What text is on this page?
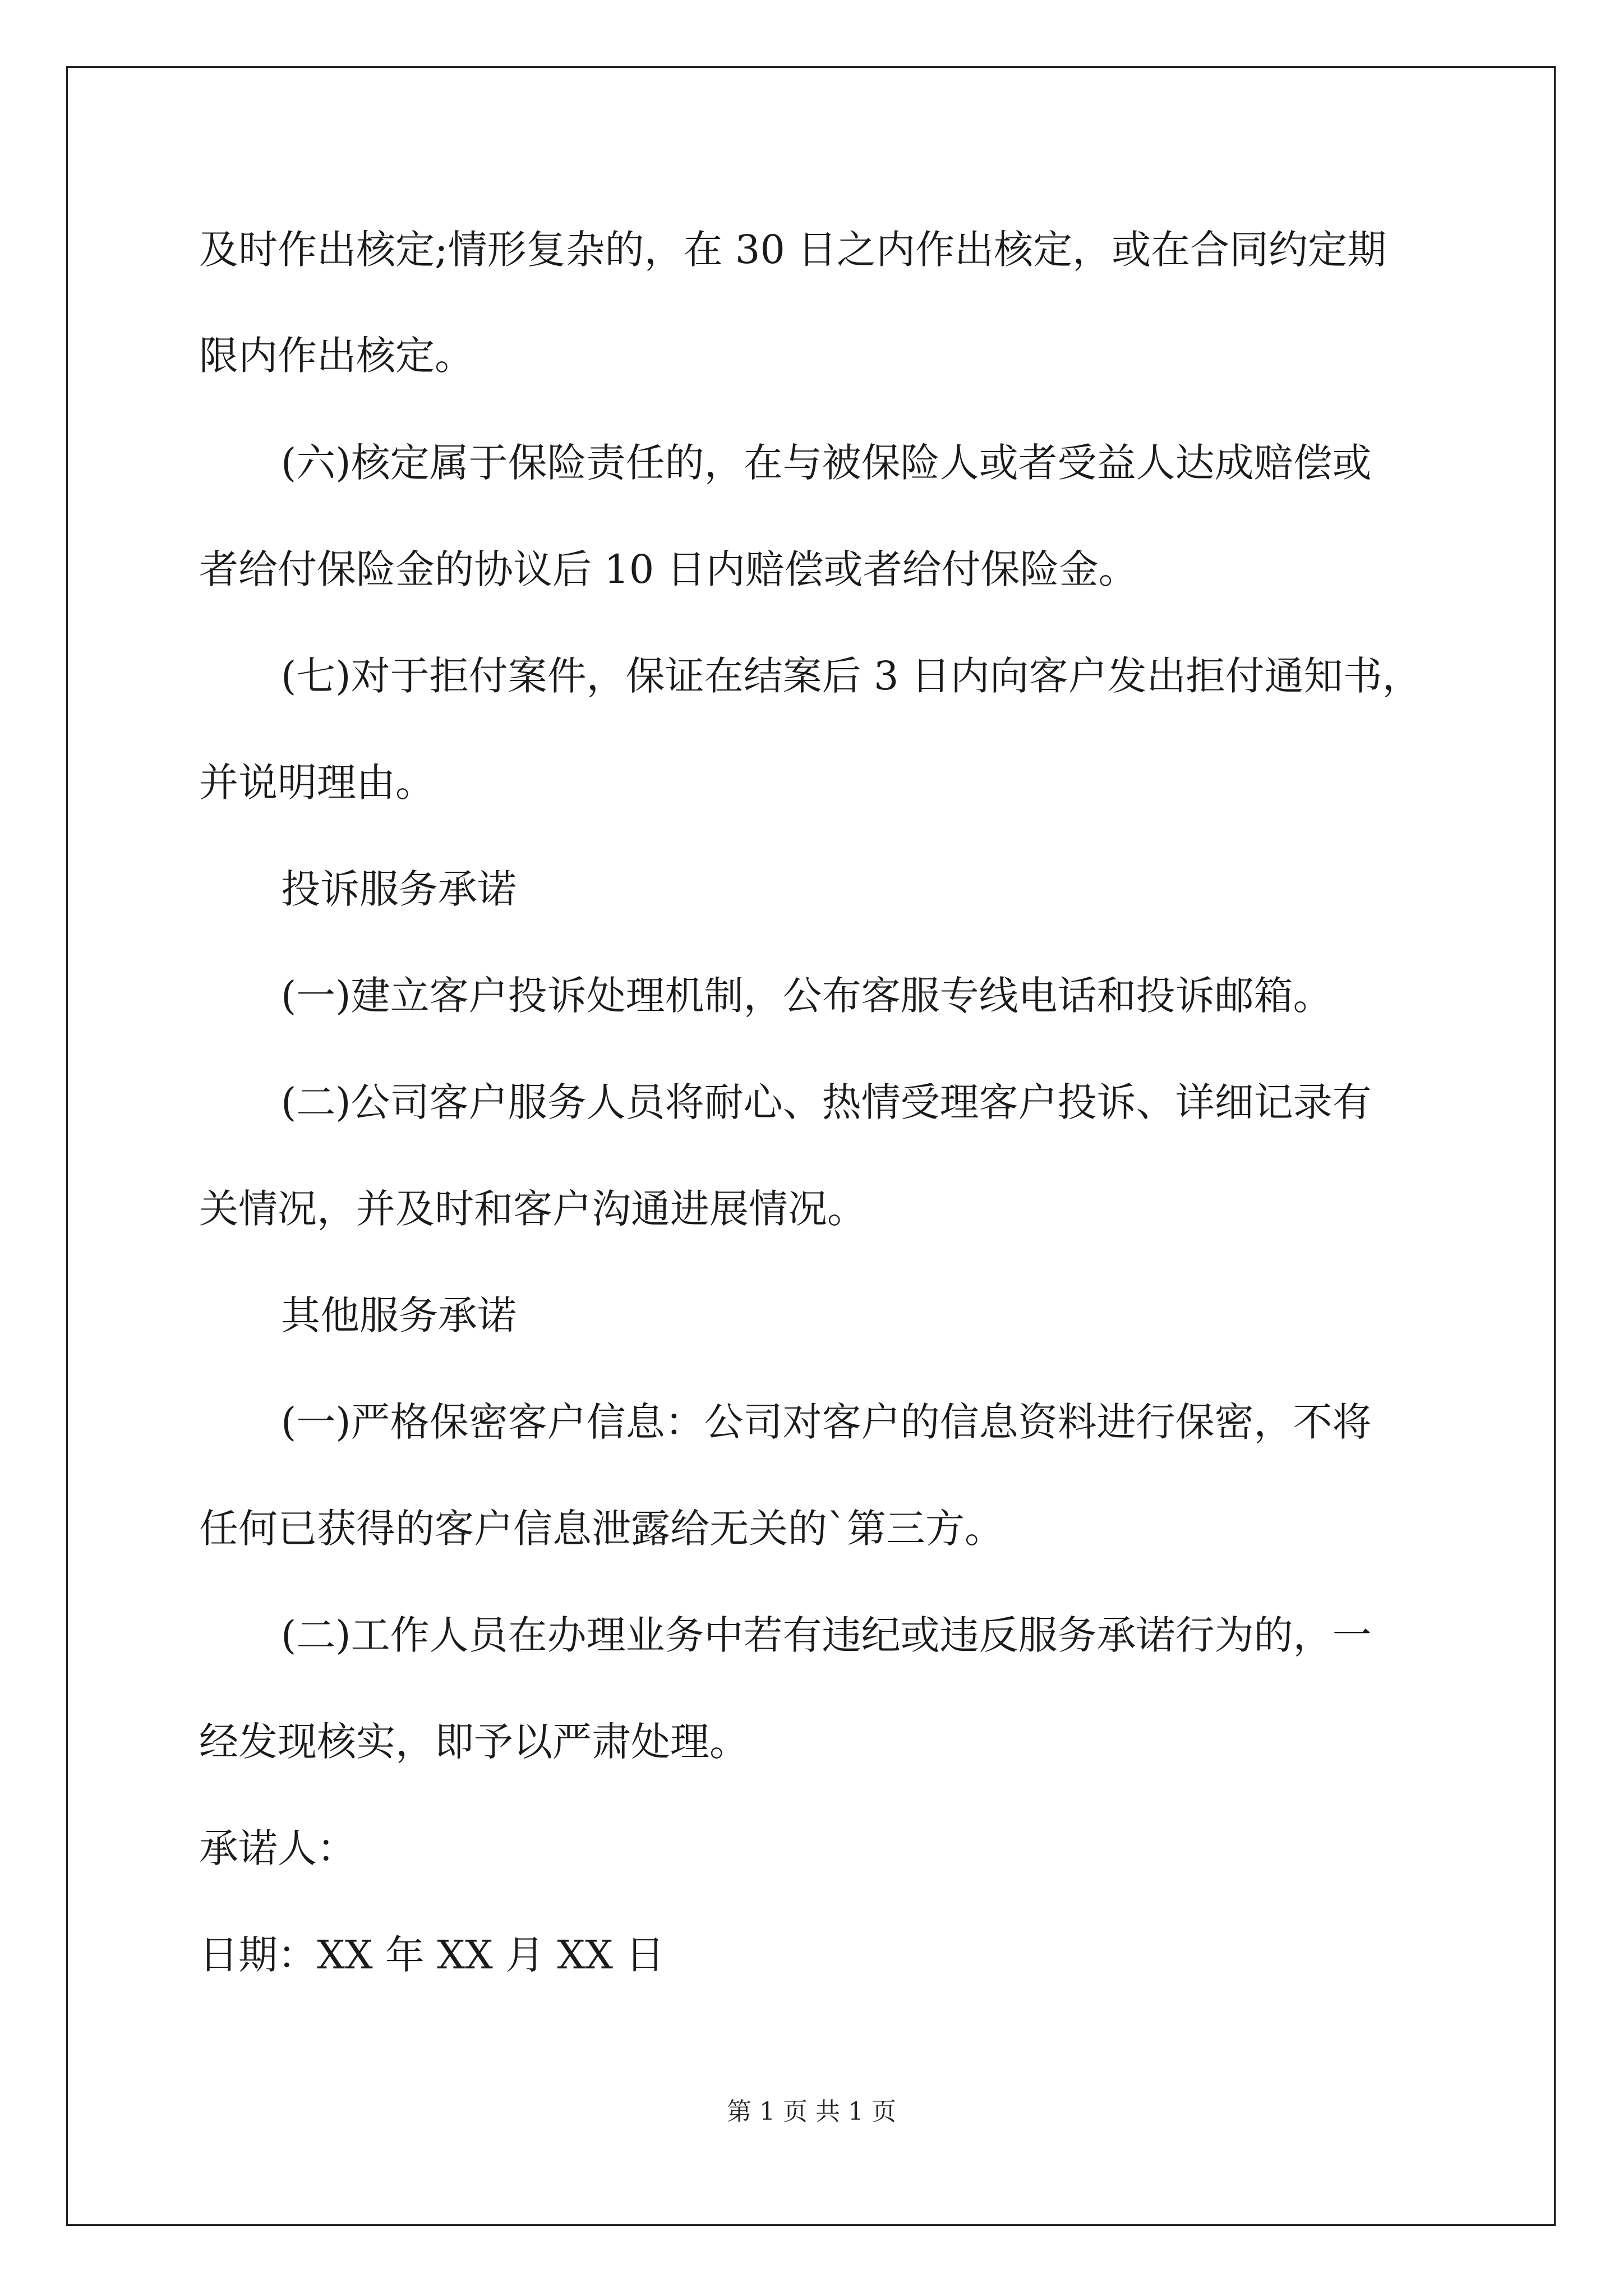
及时作出核定;情形复杂的，在 30 日之内作出核定，或在合同约定期
限内作出核定。
(六)核定属于保险责任的，在与被保险人或者受益人达成赔偿或
者给付保险金的协议后 10 日内赔偿或者给付保险金。
(七)对于拒付案件，保证在结案后 3 日内向客户发出拒付通知书，
并说明理由。
投诉服务承诺
(一)建立客户投诉处理机制，公布客服专线电话和投诉邮箱。
(二)公司客户服务人员将耐心、热情受理客户投诉、详细记录有
关情况，并及时和客户沟通进展情况。
其他服务承诺
(一)严格保密客户信息：公司对客户的信息资料进行保密，不将
任何已获得的客户信息泄露给无关的`第三方。
(二)工作人员在办理业务中若有违纪或违反服务承诺行为的，一
经发现核实，即予以严肃处理。
承诺人：
日期：XX 年 XX 月 XX 日
第 1 页 共 1 页
